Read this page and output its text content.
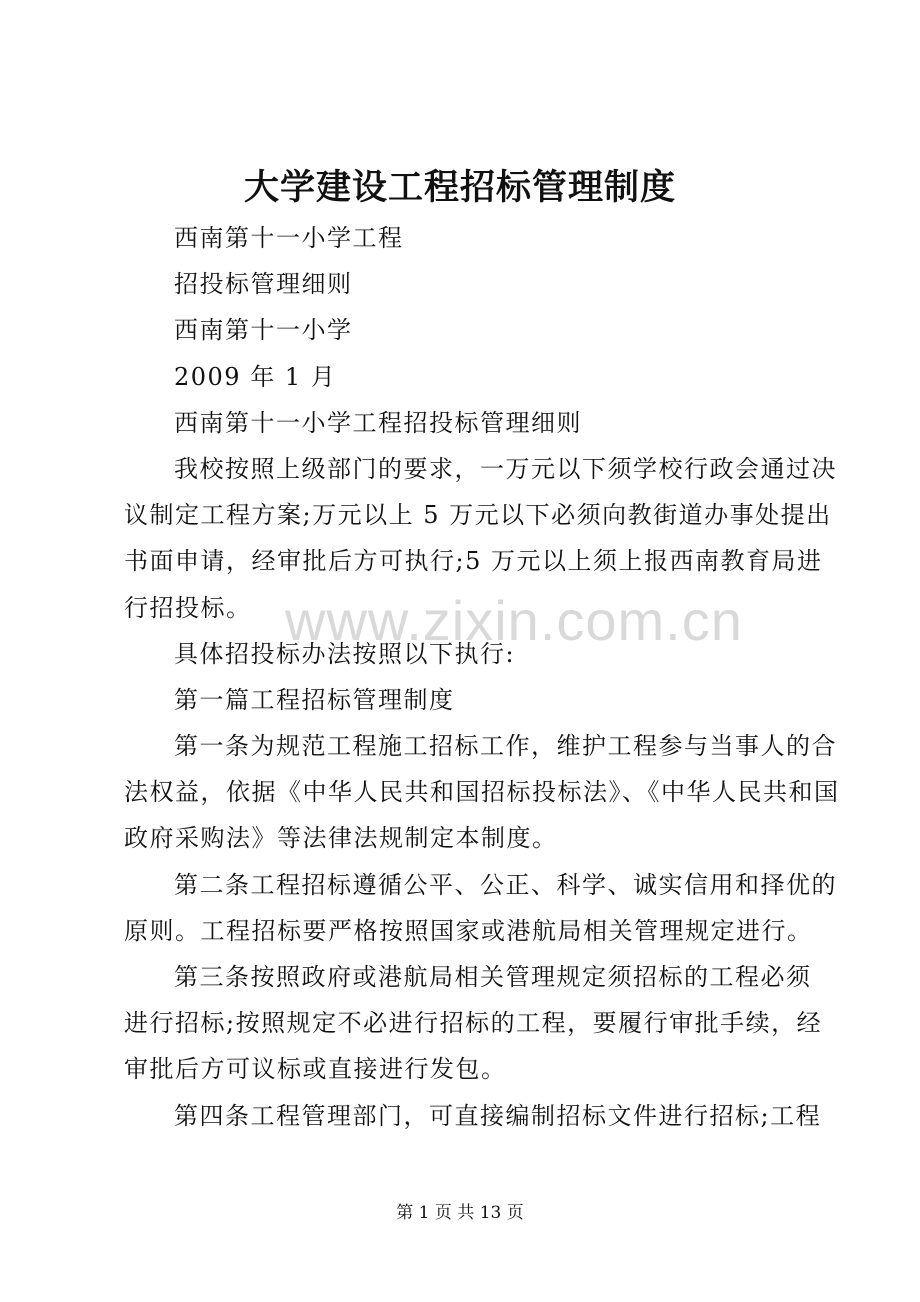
大学建设工程招标管理制度
西南第十一小学工程
招投标管理细则
西南第十一小学
2009 年 1 月
西南第十一小学工程招投标管理细则
我校按照上级部门的要求，一万元以下须学校行政会通过决
议制定工程方案;万元以上 5 万元以下必须向教街道办事处提出
书面申请，经审批后方可执行;5 万元以上须上报西南教育局进
行招投标。
具体招投标办法按照以下执行:
第一篇工程招标管理制度
第一条为规范工程施工招标工作，维护工程参与当事人的合
法权益，依据《中华人民共和国招标投标法》、《中华人民共和国
政府采购法》等法律法规制定本制度。
第二条工程招标遵循公平、公正、科学、诚实信用和择优的
原则。工程招标要严格按照国家或港航局相关管理规定进行。
第三条按照政府或港航局相关管理规定须招标的工程必须
进行招标;按照规定不必进行招标的工程，要履行审批手续，经
审批后方可议标或直接进行发包。
第四条工程管理部门，可直接编制招标文件进行招标;工程
www.zixin.com.cn
第 1 页 共 13 页
